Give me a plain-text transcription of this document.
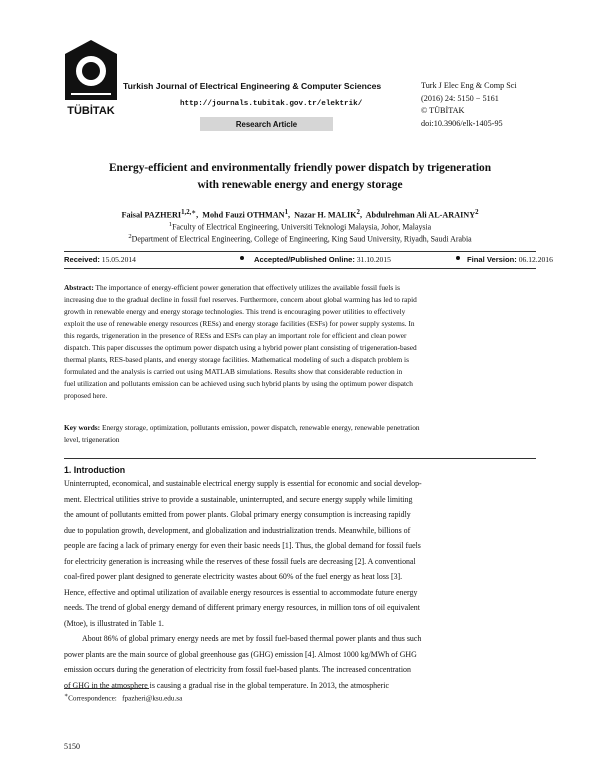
TÜBİTAK
Turkish Journal of Electrical Engineering & Computer Sciences
http://journals.tubitak.gov.tr/elektrik/
Research Article
Turk J Elec Eng & Comp Sci
(2016) 24: 5150 − 5161
© TÜBİTAK
doi:10.3906/elk-1405-95
Energy-efficient and environmentally friendly power dispatch by trigeneration
with renewable energy and energy storage
Faisal $PAZHERI^{1,2,∗}$,  Mohd Fauzi OTHMAN$^1$,  Nazar H. MALIK$^2$,  Abdulrehman Ali AL-ARAINY$^2$
$^1$Faculty of Electrical Engineering, Universiti Teknologi Malaysia, Johor, Malaysia
$^2$Department of Electrical Engineering, College of Engineering, King Saud University, Riyadh, Saudi Arabia
Received: 15.05.2014	Accepted/Published Online: 31.10.2015	Final Version: 06.12.2016
Abstract: The importance of energy-efficient power generation that effectively utilizes the available fossil fuels is
increasing due to the gradual decline in fossil fuel reserves. Furthermore, concern about global warming has led to rapid
growth in renewable energy and energy storage technologies. This trend is encouraging power utilities to effectively
exploit the use of renewable energy resources (RESs) and energy storage facilities (ESFs) for power supply systems. In
this regards, trigeneration in the presence of RESs and ESFs can play an important role for efficient and clean power
dispatch. This paper discusses the optimum power dispatch using a hybrid power plant consisting of trigeneration-based
thermal plants, RES-based plants, and energy storage facilities. Mathematical modeling of such a dispatch problem is
formulated and the analysis is carried out using MATLAB simulations. Results show that considerable reduction in
fuel utilization and pollutants emission can be achieved using such hybrid plants by using the optimum power dispatch
proposed here.
Key words: Energy storage, optimization, pollutants emission, power dispatch, renewable energy, renewable penetration
level, trigeneration
1. Introduction
Uninterrupted, economical, and sustainable electrical energy supply is essential for economic and social develop-
ment. Electrical utilities strive to provide a sustainable, uninterrupted, and secure energy supply while limiting
the amount of pollutants emitted from power plants. Global primary energy consumption is increasing rapidly
due to population growth, development, and globalization and industrialization trends. Meanwhile, billions of
people are facing a lack of primary energy for even their basic needs [1]. Thus, the global demand for fossil fuels
for electricity generation is increasing while the reserves of these fossil fuels are decreasing [2]. A conventional
coal-fired power plant designed to generate electricity wastes about 60% of the fuel energy as heat loss [3].
Hence, effective and optimal utilization of available energy resources is essential to accommodate future energy
needs. The trend of global energy demand of different primary energy resources, in million tons of oil equivalent
(Mtoe), is illustrated in Table 1.
About 86% of global primary energy needs are met by fossil fuel-based thermal power plants and thus such
power plants are the main source of global greenhouse gas (GHG) emission [4]. Almost 1000 kg/MWh of GHG
emission occurs during the generation of electricity from fossil fuel-based plants. The increased concentration
of GHG in the atmosphere is causing a gradual rise in the global temperature. In 2013, the atmospheric
∗Correspondence: fpazheri@ksu.edu.sa
5150
